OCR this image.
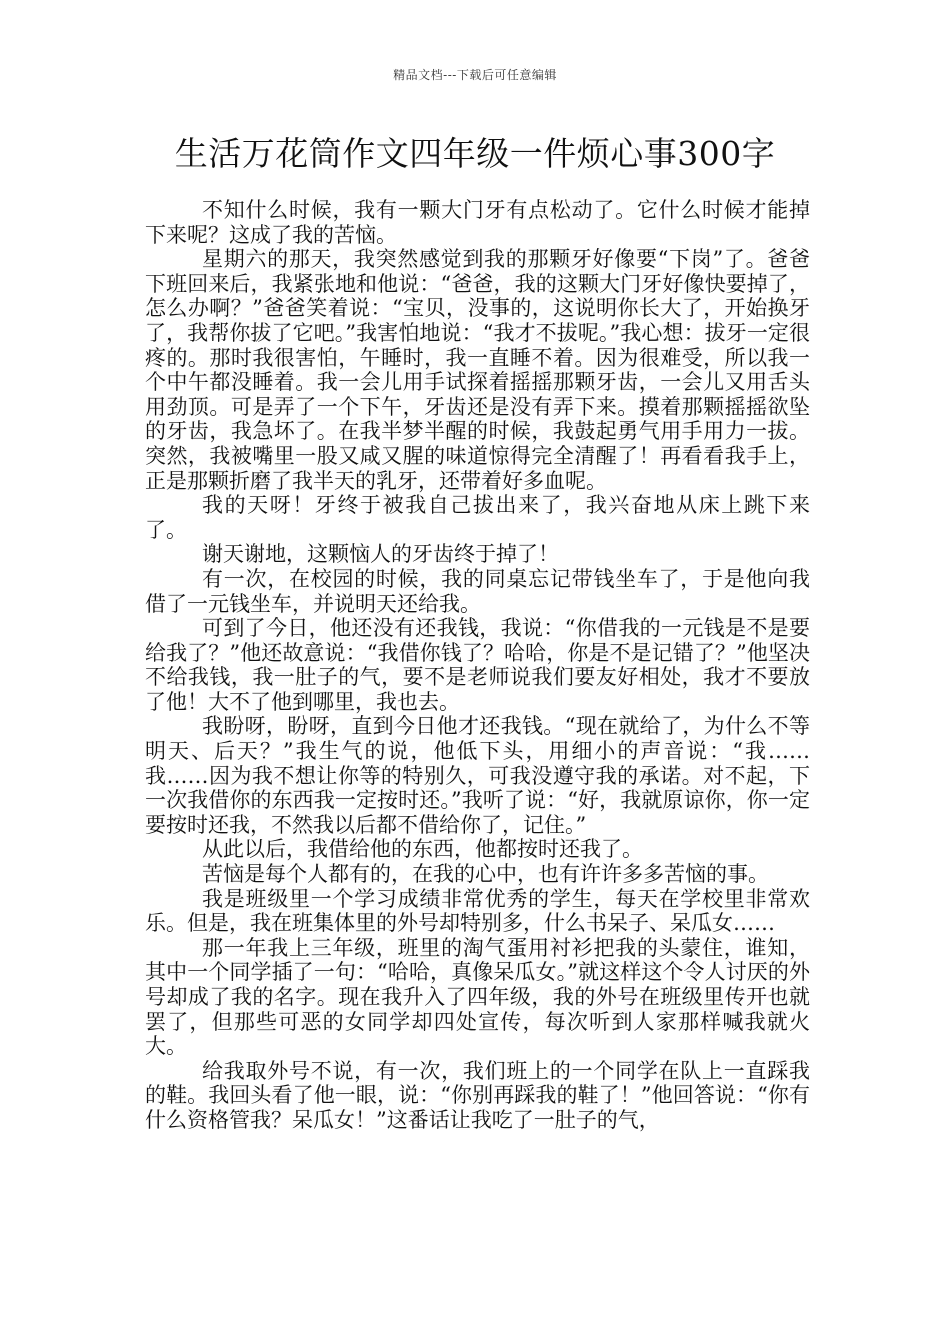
精品文档---下载后可任意编辑
生活万花筒作文四年级一件烦心事300字

不知什么时候，我有一颗大门牙有点松动了。它什么时候才能掉下来呢？这成了我的苦恼。

星期六的那天，我突然感觉到我的那颗牙好像要“下岗”了。爸爸下班回来后，我紧张地和他说：“爸爸，我的这颗大门牙好像快要掉了，怎么办啊？”爸爸笑着说：“宝贝，没事的，这说明你长大了，开始换牙了，我帮你拔了它吧。”我害怕地说：“我才不拔呢。”我心想：拔牙一定很疼的。那时我很害怕，午睡时，我一直睡不着。因为很难受，所以我一个中午都没睡着。我一会儿用手试探着摇摇那颗牙齿，一会儿又用舌头用劲顶。可是弄了一个下午，牙齿还是没有弄下来。摸着那颗摇摇欲坠的牙齿，我急坏了。在我半梦半醒的时候，我鼓起勇气用手用力一拔。突然，我被嘴里一股又咸又腥的味道惊得完全清醒了！再看看我手上，正是那颗折磨了我半天的乳牙，还带着好多血呢。

我的天呀！牙终于被我自己拔出来了，我兴奋地从床上跳下来了。

谢天谢地，这颗恼人的牙齿终于掉了！

有一次，在校园的时候，我的同桌忘记带钱坐车了，于是他向我借了一元钱坐车，并说明天还给我。

可到了今日，他还没有还我钱，我说：“你借我的一元钱是不是要给我了？”他还故意说：“我借你钱了？哈哈，你是不是记错了？”他坚决不给我钱，我一肚子的气，要不是老师说我们要友好相处，我才不要放了他！大不了他到哪里，我也去。

我盼呀，盼呀，直到今日他才还我钱。“现在就给了，为什么不等明天、后天？”我生气的说，他低下头，用细小的声音说：“我……我……因为我不想让你等的特别久，可我没遵守我的承诺。对不起，下一次我借你的东西我一定按时还。”我听了说：“好，我就原谅你，你一定要按时还我，不然我以后都不借给你了，记住。”

从此以后，我借给他的东西，他都按时还我了。

苦恼是每个人都有的，在我的心中，也有许许多多苦恼的事。

我是班级里一个学习成绩非常优秀的学生，每天在学校里非常欢乐。但是，我在班集体里的外号却特别多，什么书呆子、呆瓜女……

那一年我上三年级，班里的淘气蛋用衬衫把我的头蒙住，谁知，其中一个同学插了一句：“哈哈，真像呆瓜女。”就这样这个令人讨厌的外号却成了我的名字。现在我升入了四年级，我的外号在班级里传开也就罢了，但那些可恶的女同学却四处宣传，每次听到人家那样喊我就火大。

给我取外号不说，有一次，我们班上的一个同学在队上一直踩我的鞋。我回头看了他一眼，说：“你别再踩我的鞋了！”他回答说：“你有什么资格管我？呆瓜女！”这番话让我吃了一肚子的气，
